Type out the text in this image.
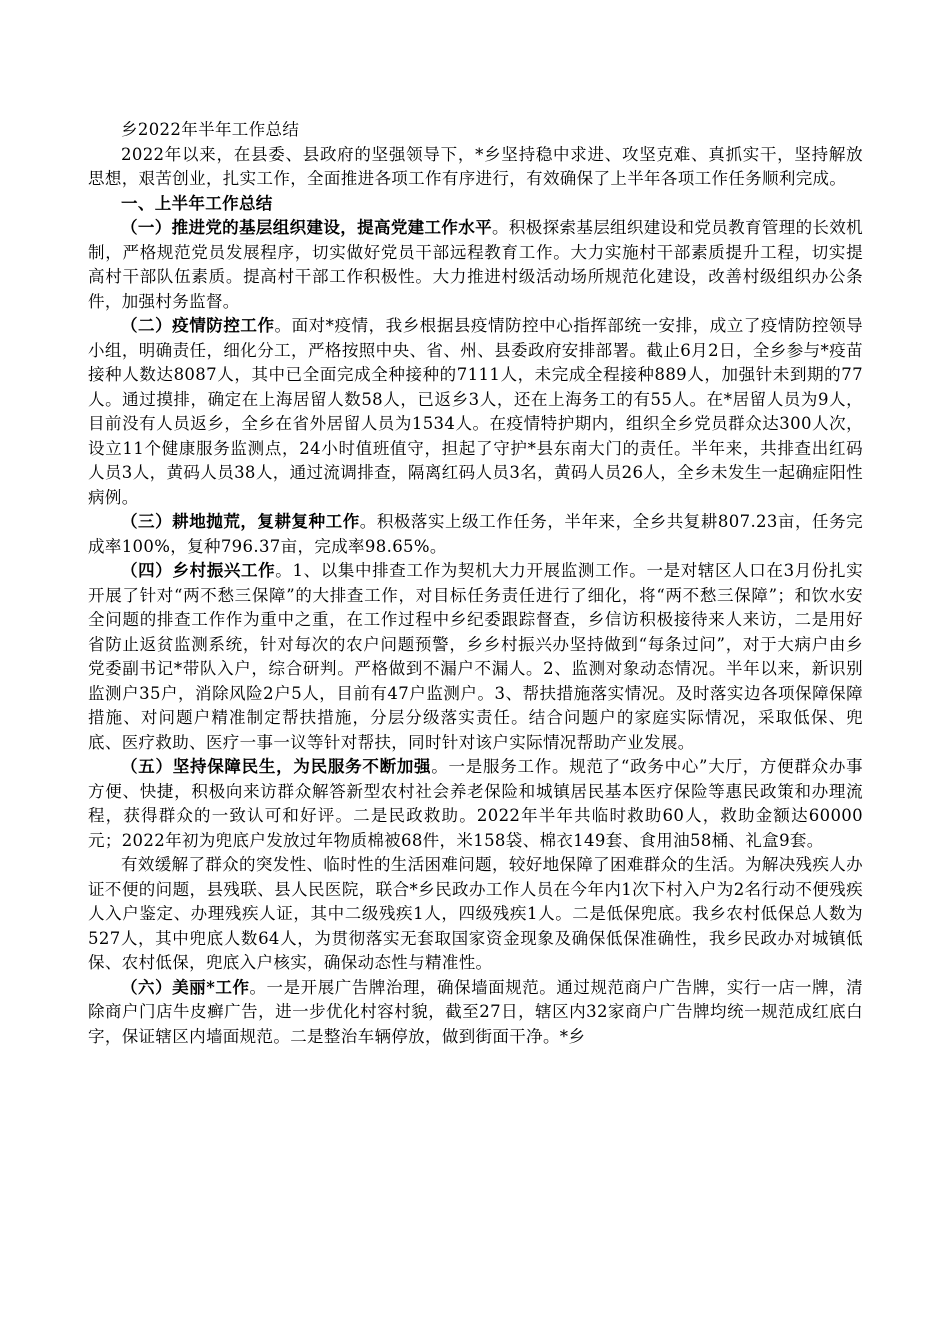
乡2022年半年工作总结

2022年以来，在县委、县政府的坚强领导下，*乡坚持稳中求进、攻坚克难、真抓实干，坚持解放思想，艰苦创业，扎实工作，全面推进各项工作有序进行，有效确保了上半年各项工作任务顺利完成。

一、上半年工作总结

（一）推进党的基层组织建设，提高党建工作水平。积极探索基层组织建设和党员教育管理的长效机制，严格规范党员发展程序，切实做好党员干部远程教育工作。大力实施村干部素质提升工程，切实提高村干部队伍素质。提高村干部工作积极性。大力推进村级活动场所规范化建设，改善村级组织办公条件，加强村务监督。

（二）疫情防控工作。面对*疫情，我乡根据县疫情防控中心指挥部统一安排，成立了疫情防控领导小组，明确责任，细化分工，严格按照中央、省、州、县委政府安排部署。截止6月2日，全乡参与*疫苗接种人数达8087人，其中已全面完成全种接种的7111人，未完成全程接种889人，加强针未到期的77人。通过摸排，确定在上海居留人数58人，已返乡3人，还在上海务工的有55人。在*居留人员为9人，目前没有人员返乡，全乡在省外居留人员为1534人。在疫情特护期内，组织全乡党员群众达300人次，设立11个健康服务监测点，24小时值班值守，担起了守护*县东南大门的责任。半年来，共排查出红码人员3人，黄码人员38人，通过流调排查，隔离红码人员3名，黄码人员26人，全乡未发生一起确症阳性病例。

（三）耕地抛荒，复耕复种工作。积极落实上级工作任务，半年来，全乡共复耕807.23亩，任务完成率100%，复种796.37亩，完成率98.65%。

（四）乡村振兴工作。1、以集中排查工作为契机大力开展监测工作。一是对辖区人口在3月份扎实开展了针对“两不愁三保障”的大排查工作，对目标任务责任进行了细化，将“两不愁三保障”；和饮水安全问题的排查工作作为重中之重，在工作过程中乡纪委跟踪督查，乡信访积极接待来人来访，二是用好省防止返贫监测系统，针对每次的农户问题预警，乡乡村振兴办坚持做到“每条过问”，对于大病户由乡党委副书记*带队入户，综合研判。严格做到不漏户不漏人。2、监测对象动态情况。半年以来，新识别监测户35户，消除风险2户5人，目前有47户监测户。3、帮扶措施落实情况。及时落实边各项保障保障措施、对问题户精准制定帮扶措施，分层分级落实责任。结合问题户的家庭实际情况，采取低保、兜底、医疗救助、医疗一事一议等针对帮扶，同时针对该户实际情况帮助产业发展。

（五）坚持保障民生，为民服务不断加强。一是服务工作。规范了“政务中心”大厅，方便群众办事方便、快捷，积极向来访群众解答新型农村社会养老保险和城镇居民基本医疗保险等惠民政策和办理流程，获得群众的一致认可和好评。二是民政救助。2022年半年共临时救助60人，救助金额达60000元；2022年初为兜底户发放过年物质棉被68件，米158袋、棉衣149套、食用油58桶、礼盒9套。

有效缓解了群众的突发性、临时性的生活困难问题，较好地保障了困难群众的生活。为解决残疾人办证不便的问题，县残联、县人民医院，联合*乡民政办工作人员在今年内1次下村入户为2名行动不便残疾人入户鉴定、办理残疾人证，其中二级残疾1人，四级残疾1人。二是低保兜底。我乡农村低保总人数为527人，其中兜底人数64人，为贯彻落实无套取国家资金现象及确保低保准确性，我乡民政办对城镇低保、农村低保，兜底入户核实，确保动态性与精准性。

（六）美丽*工作。一是开展广告牌治理，确保墙面规范。通过规范商户广告牌，实行一店一牌，清除商户门店牛皮癣广告，进一步优化村容村貌，截至27日，辖区内32家商户广告牌均统一规范成红底白字，保证辖区内墙面规范。二是整治车辆停放，做到街面干净。*乡
